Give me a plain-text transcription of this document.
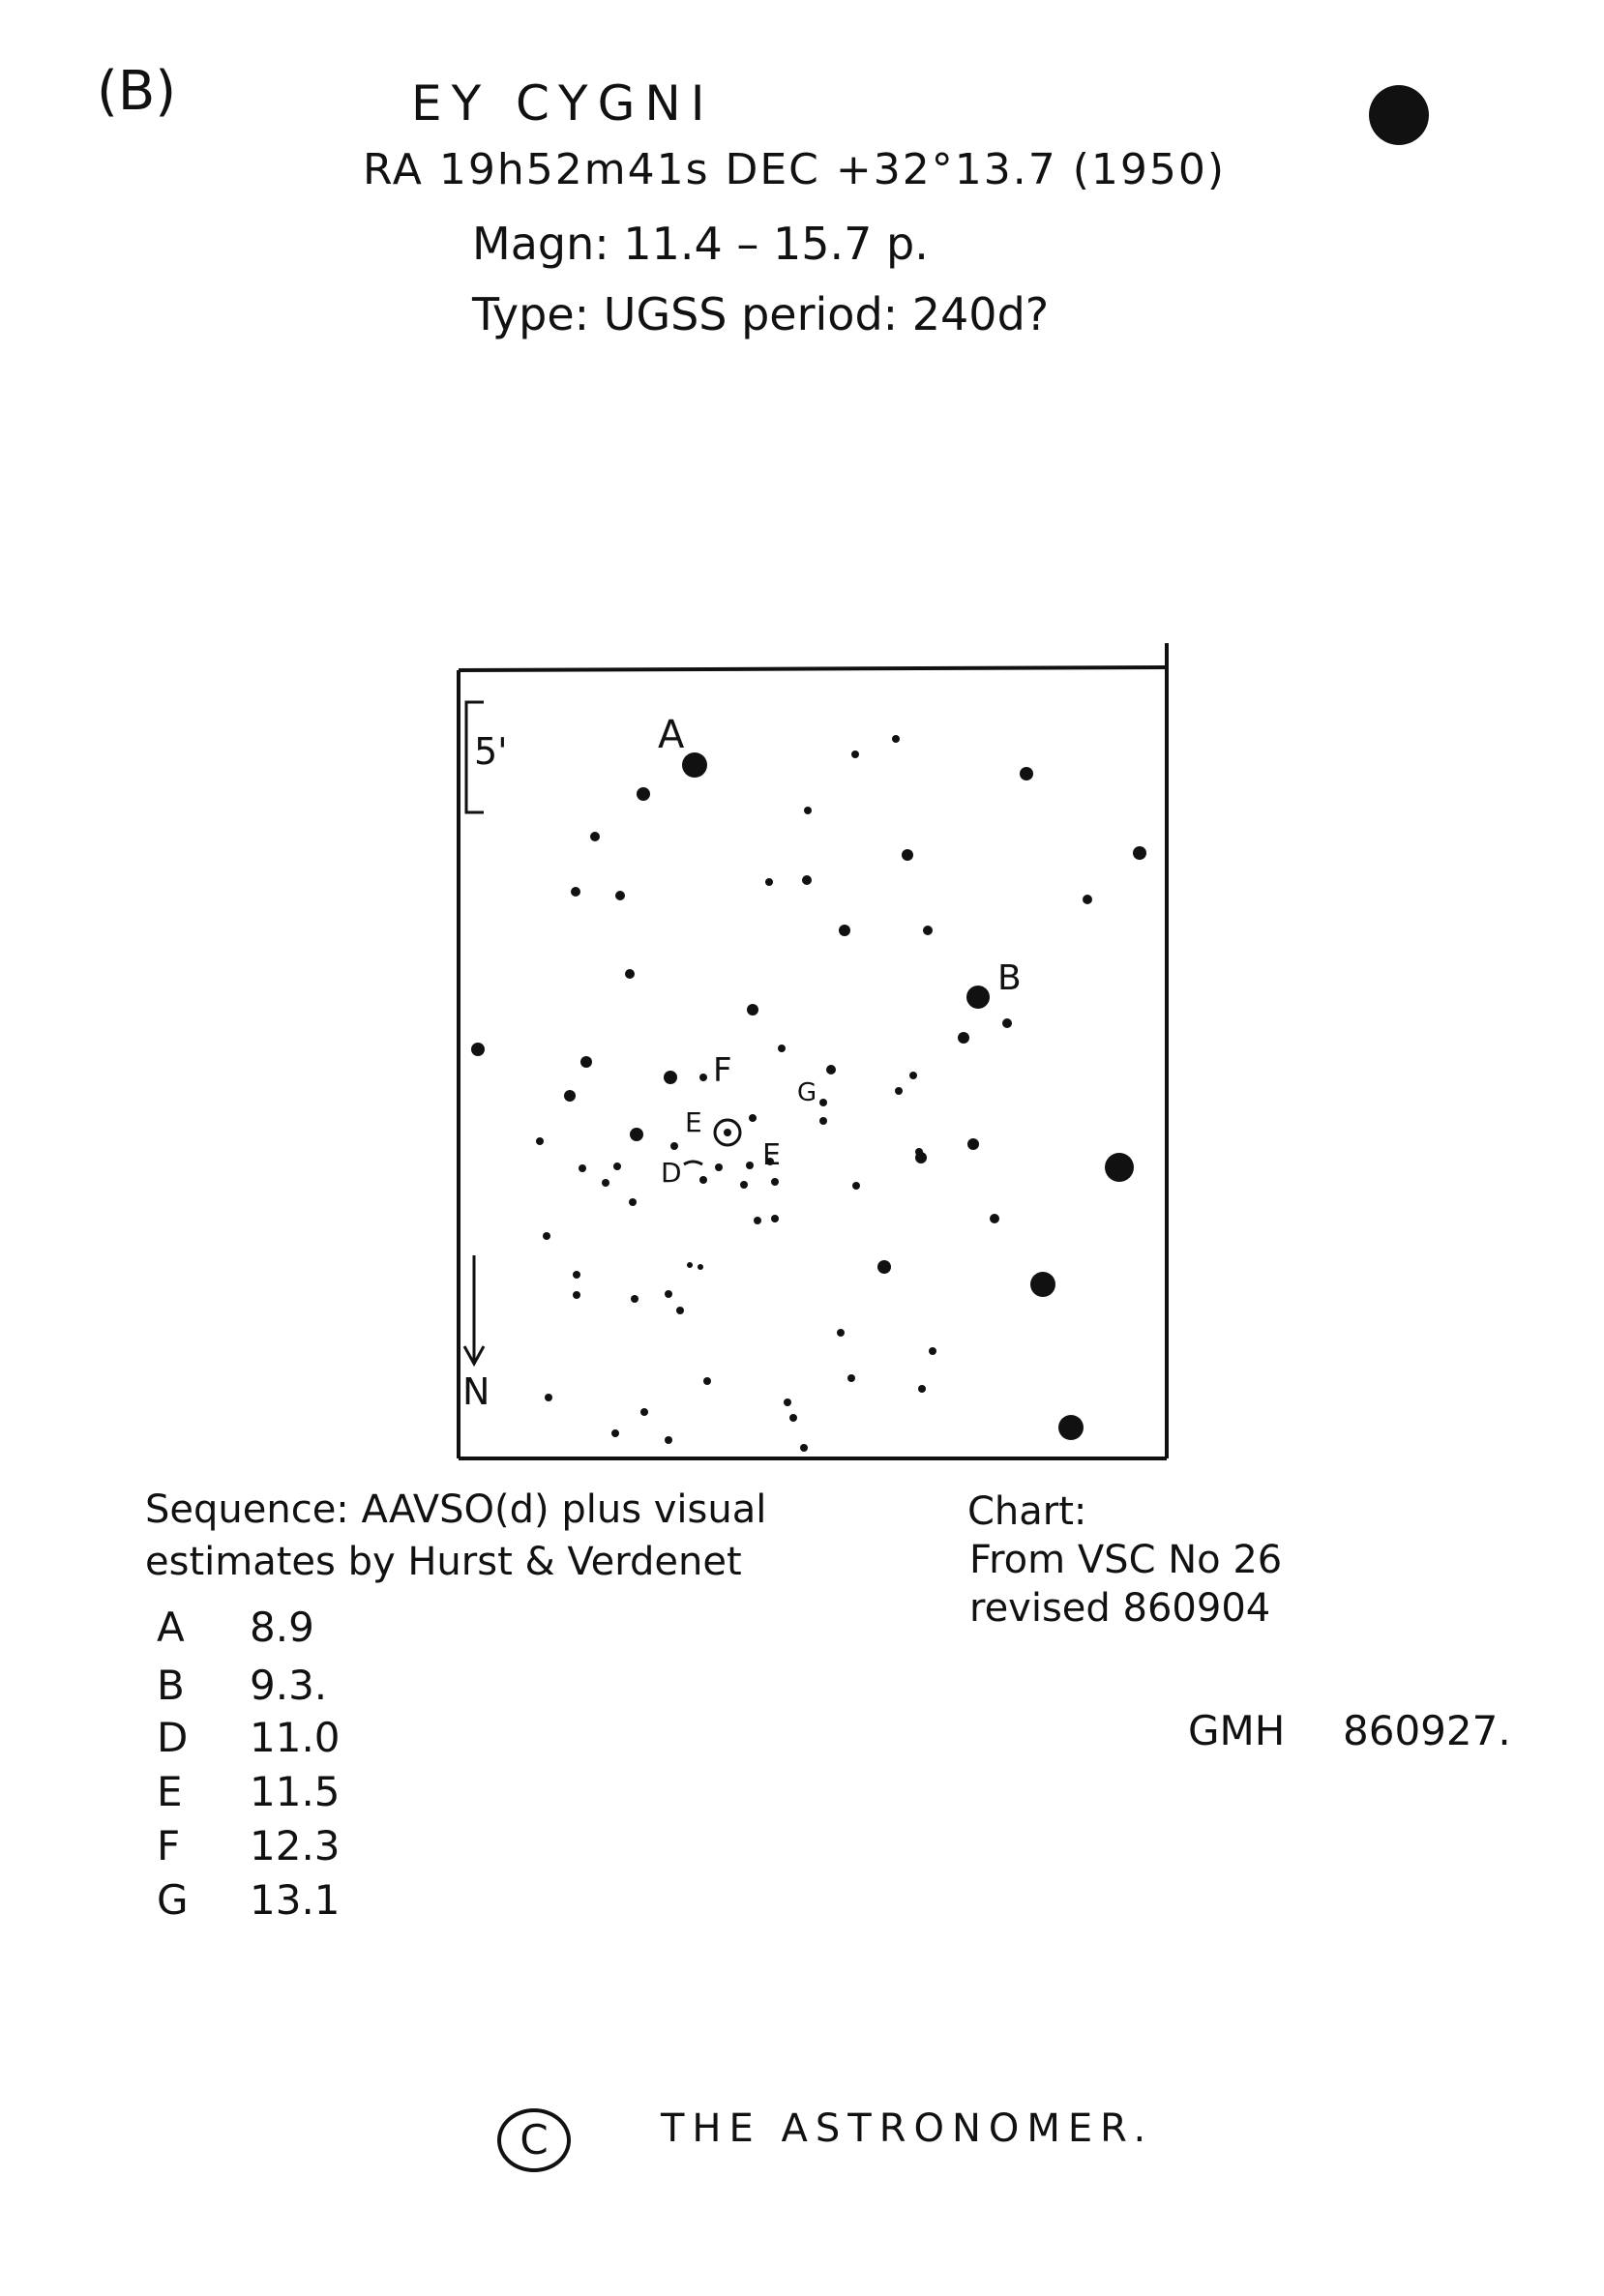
(B)	EY CYGNI
RA 19h52m41s DEC +32°13.7 (1950)
Magn: 11.4 – 15.7 p.
Type: UGSS period: 240d?
5'
N
A
B
F
G
E
E
D
Sequence: AAVSO(d) plus visual
estimates by Hurst & Verdenet
A 8.9
B 9.3.
D 11.0
E 11.5
F 12.3
G 13.1
Chart:
From VSC No 26
revised 860904
GMH 860927.
C	THE ASTRONOMER.
